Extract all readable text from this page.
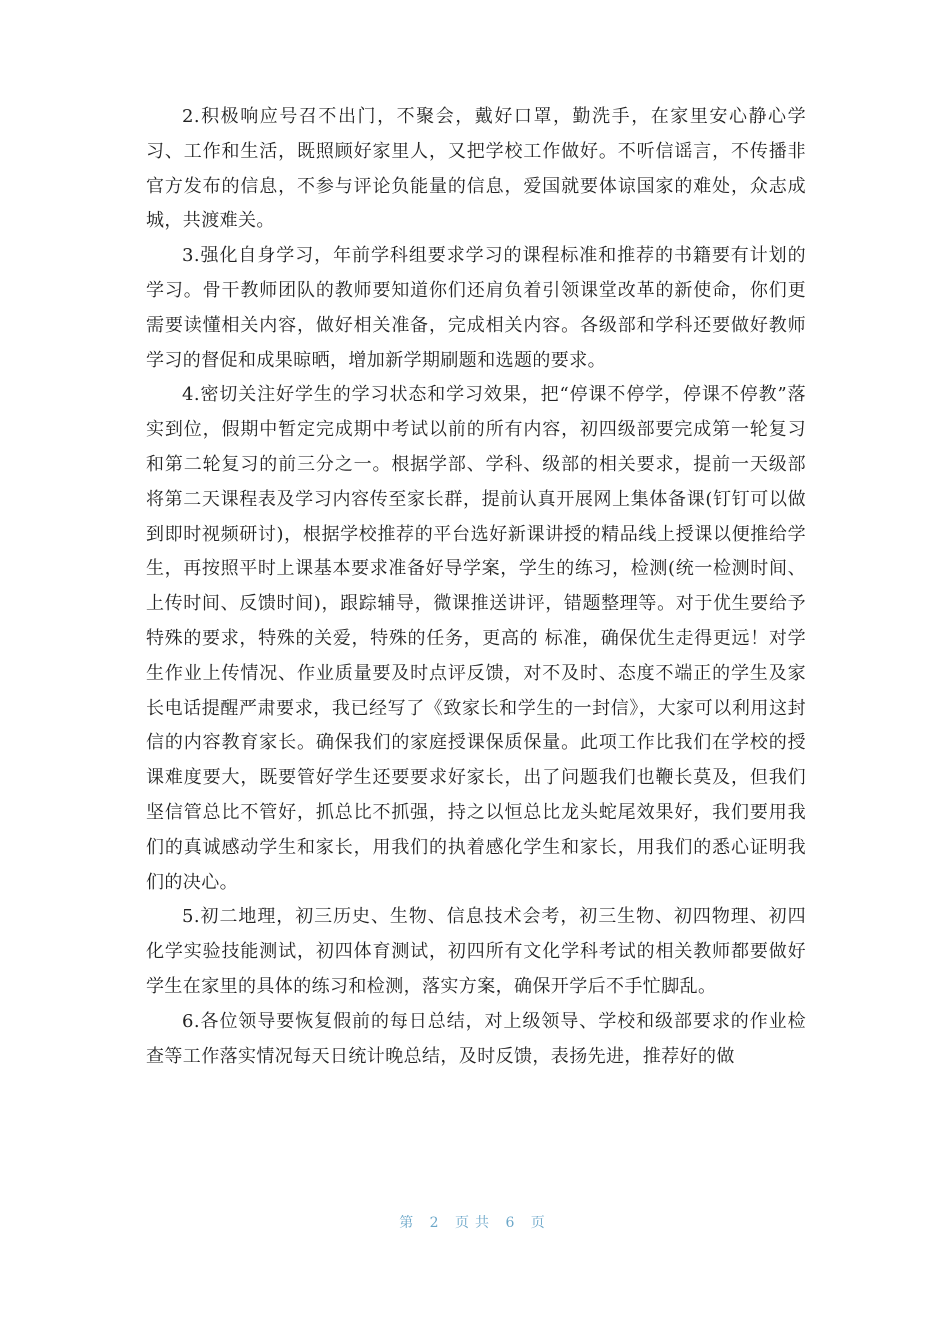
2.积极响应号召不出门，不聚会，戴好口罩，勤洗手，在家里安心静心学习、工作和生活，既照顾好家里人，又把学校工作做好。不听信谣言，不传播非官方发布的信息，不参与评论负能量的信息，爱国就要体谅国家的难处，众志成城，共渡难关。

3.强化自身学习，年前学科组要求学习的课程标准和推荐的书籍要有计划的学习。骨干教师团队的教师要知道你们还肩负着引领课堂改革的新使命，你们更需要读懂相关内容，做好相关准备，完成相关内容。各级部和学科还要做好教师学习的督促和成果晾晒，增加新学期刷题和选题的要求。

4.密切关注好学生的学习状态和学习效果，把“停课不停学，停课不停教”落实到位，假期中暂定完成期中考试以前的所有内容，初四级部要完成第一轮复习和第二轮复习的前三分之一。根据学部、学科、级部的相关要求，提前一天级部将第二天课程表及学习内容传至家长群，提前认真开展网上集体备课(钉钉可以做到即时视频研讨)，根据学校推荐的平台选好新课讲授的精品线上授课以便推给学生，再按照平时上课基本要求准备好导学案，学生的练习，检测(统一检测时间、上传时间、反馈时间)，跟踪辅导，微课推送讲评，错题整理等。对于优生要给予特殊的要求，特殊的关爱，特殊的任务，更高的 标准，确保优生走得更远！对学生作业上传情况、作业质量要及时点评反馈，对不及时、态度不端正的学生及家长电话提醒严肃要求，我已经写了《致家长和学生的一封信》，大家可以利用这封信的内容教育家长。确保我们的家庭授课保质保量。此项工作比我们在学校的授课难度要大，既要管好学生还要要求好家长，出了问题我们也鞭长莫及，但我们坚信管总比不管好，抓总比不抓强，持之以恒总比龙头蛇尾效果好，我们要用我们的真诚感动学生和家长，用我们的执着感化学生和家长，用我们的悉心证明我们的决心。

5.初二地理，初三历史、生物、信息技术会考，初三生物、初四物理、初四化学实验技能测试，初四体育测试，初四所有文化学科考试的相关教师都要做好学生在家里的具体的练习和检测，落实方案，确保开学后不手忙脚乱。

6.各位领导要恢复假前的每日总结，对上级领导、学校和级部要求的作业检查等工作落实情况每天日统计晚总结，及时反馈，表扬先进，推荐好的做

第 2 页共 6 页
